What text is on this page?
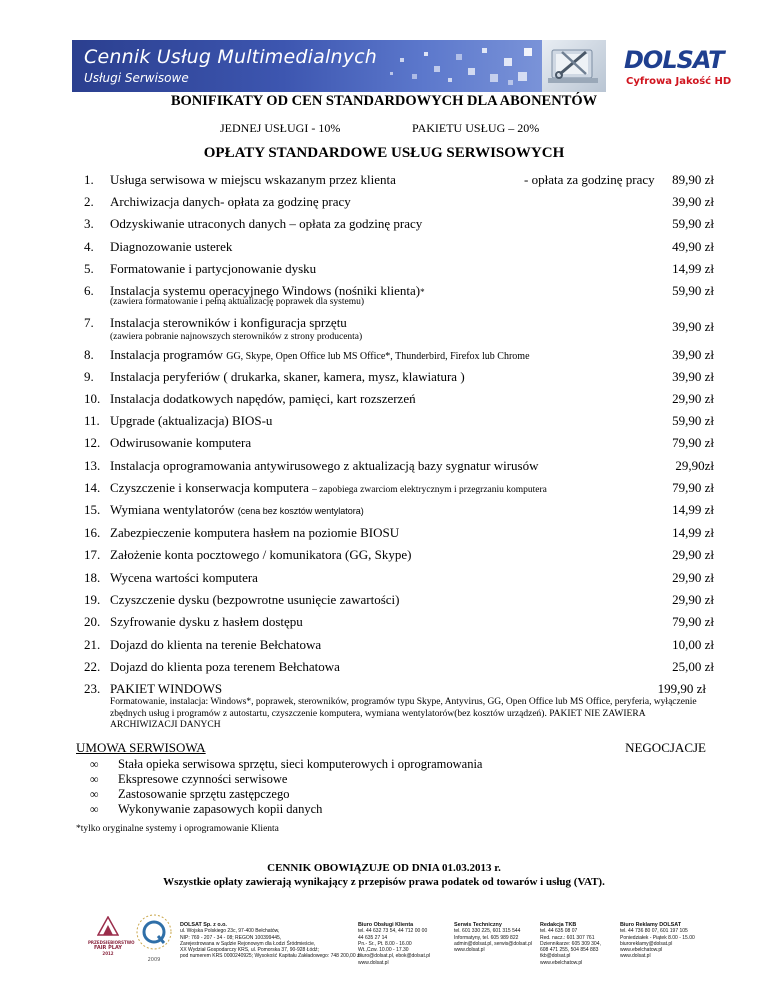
Cennik Usług Multimedialnych
Usługi Serwisowe
DOLSAT
Cyfrowa Jakość HD
BONIFIKATY OD CEN STANDARDOWYCH DLA ABONENTÓW
JEDNEJ USŁUGI - 10%	PAKIETU USŁUG – 20%
OPŁATY STANDARDOWE USŁUG SERWISOWYCH
1. Usługa serwisowa w miejscu wskazanym przez klienta	- opłata za godzinę pracy 89,90 zł
2. Archiwizacja danych- opłata za godzinę pracy	39,90 zł
3. Odzyskiwanie utraconych danych – opłata za godzinę pracy	59,90 zł
4. Diagnozowanie usterek	49,90 zł
5. Formatowanie i partycjonowanie dysku	14,99 zł
6. Instalacja systemu operacyjnego Windows (nośniki klienta)*
(zawiera formatowanie i pełną aktualizację poprawek dla systemu)
59,90 zł
7. Instalacja sterowników i konfiguracja sprzętu
(zawiera pobranie najnowszych sterowników z strony producenta)
39,90 zł
8. Instalacja programów GG, Skype, Open Office lub MS Office*, Thunderbird, Firefox lub Chrome	39,90 zł
9. Instalacja peryferiów ( drukarka, skaner, kamera, mysz, klawiatura )	39,90 zł
10. Instalacja dodatkowych napędów, pamięci, kart rozszerzeń	29,90 zł
11. Upgrade (aktualizacja) BIOS-u	59,90 zł
12. Odwirusowanie komputera	79,90 zł
13. Instalacja oprogramowania antywirusowego z aktualizacją bazy sygnatur wirusów	29,90zł
14. Czyszczenie i konserwacja komputera – zapobiega zwarciom elektrycznym i przegrzaniu komputera	79,90 zł
15. Wymiana wentylatorów (cena bez kosztów wentylatora)	14,99 zł
16. Zabezpieczenie komputera hasłem na poziomie BIOSU	14,99 zł
17. Założenie konta pocztowego / komunikatora (GG, Skype)	29,90 zł
18. Wycena wartości komputera	29,90 zł
19. Czyszczenie dysku (bezpowrotne usunięcie zawartości)	29,90 zł
20. Szyfrowanie dysku z hasłem dostępu	79,90 zł
21. Dojazd do klienta na terenie Bełchatowa	10,00 zł
22. Dojazd do klienta poza terenem Bełchatowa	25,00 zł
23. PAKIET WINDOWS	199,90 zł
Formatowanie, instalacja: Windows*, poprawek, sterowników, programów typu Skype, Antyvirus, GG, Open Office lub MS Office, peryferia, wyłączenie zbędnych usług i programów z autostartu, czyszczenie komputera, wymiana wentylatorów(bez kosztów urządzeń). PAKIET NIE ZAWIERA ARCHIWIZACJI DANYCH
UMOWA SERWISOWA	NEGOCJACJE
∞	Stała opieka serwisowa sprzętu, sieci komputerowych i oprogramowania
∞	Ekspresowe czynności serwisowe
∞	Zastosowanie sprzętu zastępczego
∞	Wykonywanie zapasowych kopii danych
*tylko oryginalne systemy i oprogramowanie Klienta
CENNIK OBOWIĄZUJE OD DNIA 01.03.2013 r.
Wszystkie opłaty zawierają wynikający z przepisów prawa podatek od towarów i usług (VAT).
PRZEDSIĘBIORSTWO
FAIR PLAY
2012
2009
DOLSAT Sp. z o.o.
ul. Wojska Polskiego 23c, 97-400 Bełchatów,
NIP: 769 - 207 - 34 - 08; REGON 100399445,
Zarejestrowana w Sądzie Rejonowym dla Łodzi Śródmieście,
XX Wydział Gospodarczy KRS, ul. Pomorska 37, 90-928 Łódź;
pod numerem KRS 0000240925; Wysokość Kapitału Zakładowego: 748 200,00 zł
Biuro Obsługi Klienta
tel. 44 632 73 54, 44 712 00 00
44 635 27 14
Pn.- Sr., Pt. 8.00 - 16.00
Wt.,Czw. 10.00 - 17.30
biuro@dolsat.pl, ebok@dolsat.pl
www.dolsat.pl
Serwis Techniczny
tel. 601 330 225, 601 315 544
Informatyny, tel. 605 989 822
admin@dolsat.pl, serwis@dolsat.pl
www.dolsat.pl
Redakcja TKB
tel. 44 635 08 07
Red. nacz.: 601 307 761
Dziennikarze: 605 309 304,
608 471 255, 504 854 883
tkb@dolsat.pl
www.ebelchatow.pl
Biuro Reklamy DOLSAT
tel. 44 736 80 07, 601 197 105
Poniedziałek - Piątek 8.00 - 15.00
biuroreklamy@dolsat.pl
www.ebelchatow.pl
www.dolsat.pl
